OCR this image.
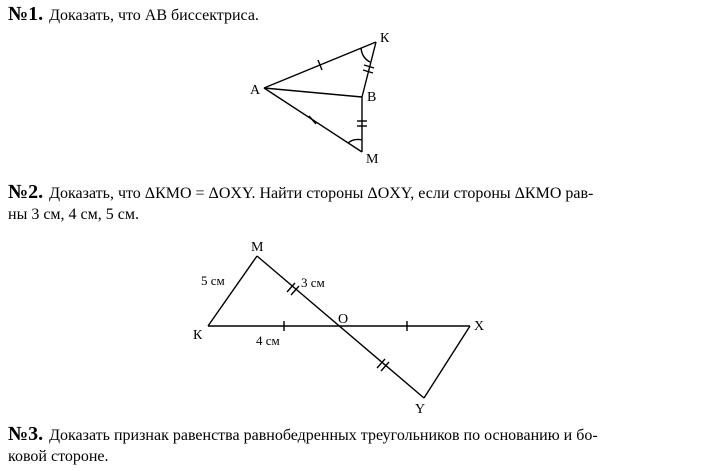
№1. Доказать, что АВ биссектриса.
№2. Доказать, что ΔКМО = ΔОXY. Найти стороны ΔОXY, если стороны ΔКМО рав-
ны 3 см, 4 см, 5 см.
№3. Доказать признак равенства равнобедренных треугольников по основанию и бо-
ковой стороне.
А	В
К
М
М
К
О	X
Y
5 см	3 см
4 см
